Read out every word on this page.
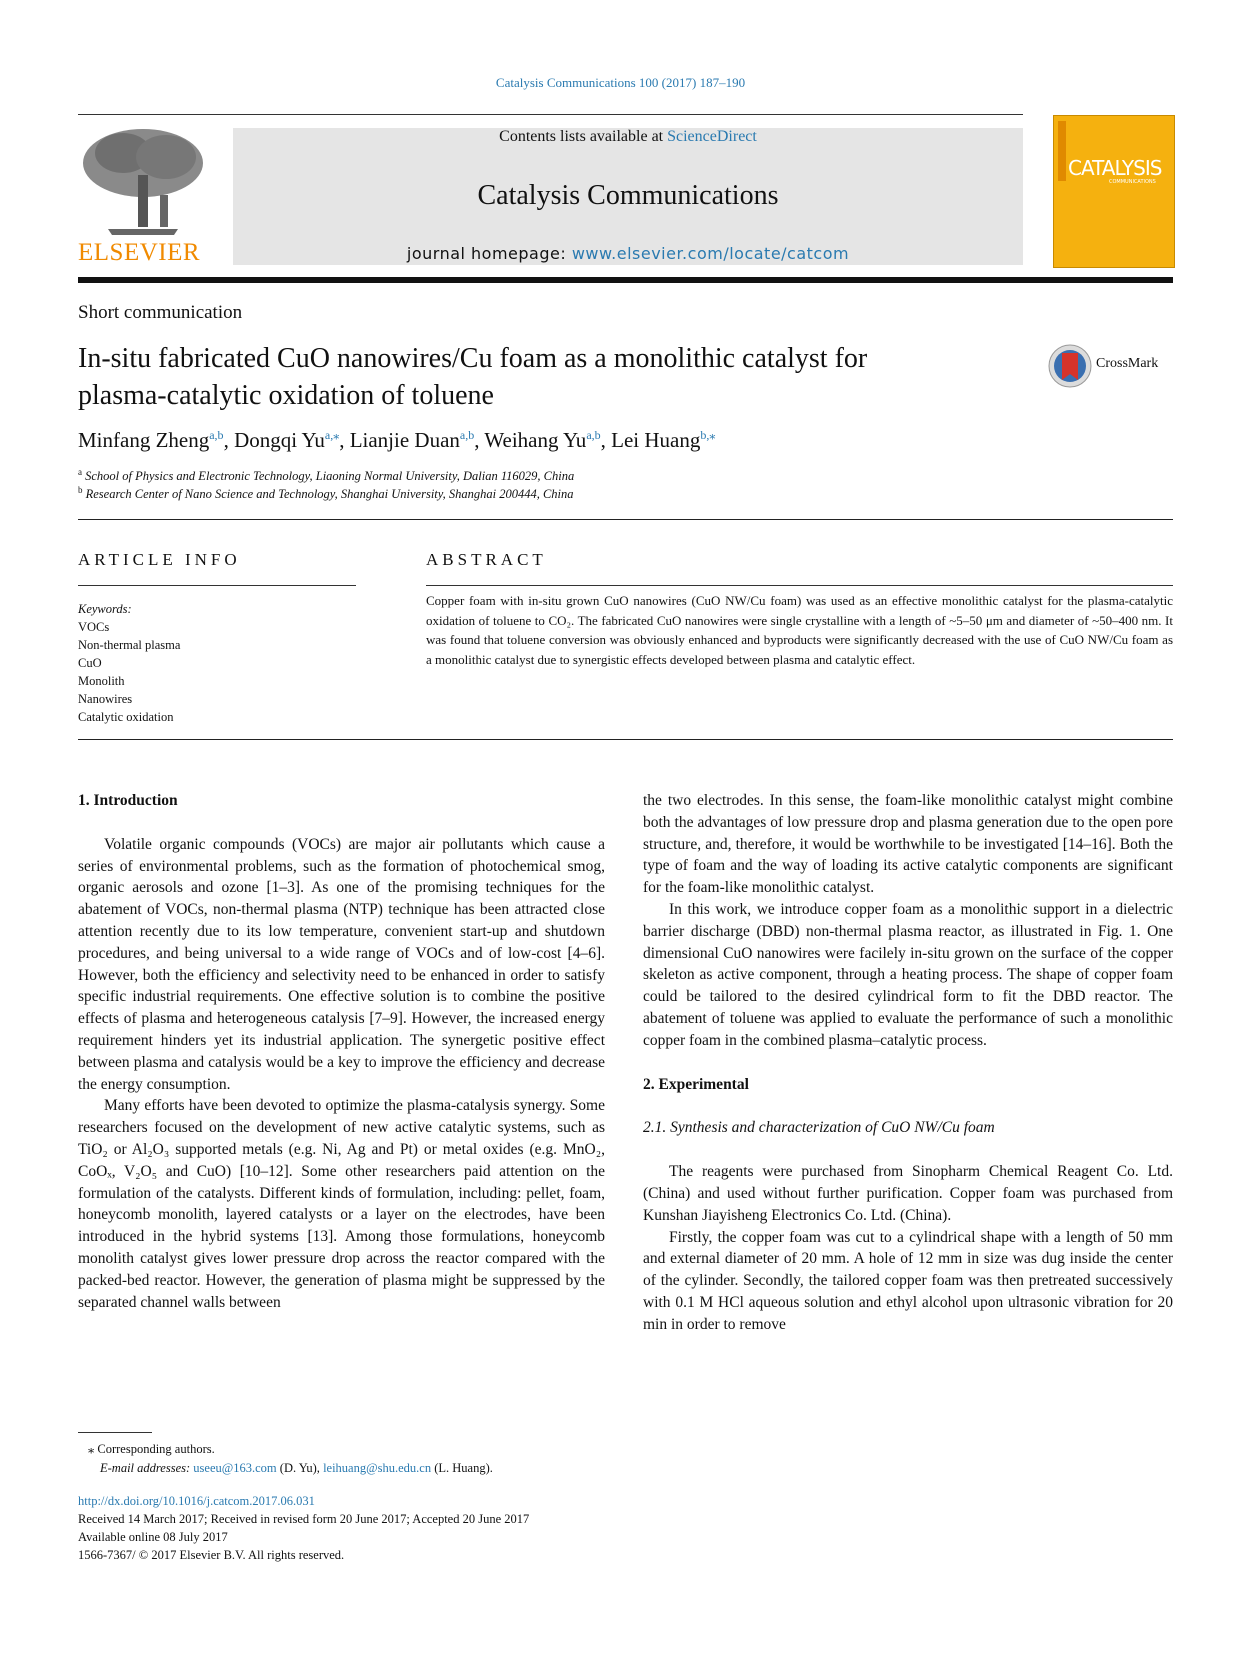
Catalysis Communications 100 (2017) 187–190
ELSEVIER
Contents lists available at ScienceDirect
Catalysis Communications
journal homepage: www.elsevier.com/locate/catcom
CATALYSIS
COMMUNICATIONS
Short communication
In-situ fabricated CuO nanowires/Cu foam as a monolithic catalyst for
plasma-catalytic oxidation of toluene
CrossMark
Minfang Zheng$^{a,b}$, Dongqi $Yu^{a,⁎}$, Lianjie Duan$^{a,b}$, Weihang Yu$^{a,b}$, Lei Huang$^{b,⁎}$
$^a$ School of Physics and Electronic Technology, Liaoning Normal University, Dalian 116029, China
$^b$ Research Center of Nano Science and Technology, Shanghai University, Shanghai 200444, China
ARTICLE INFO	ABSTRACT
Keywords:
VOCs
Non-thermal plasma
CuO
Monolith
Nanowires
Catalytic oxidation
Copper foam with in-situ grown CuO nanowires (CuO NW/Cu foam) was used as an effective monolithic catalyst for the plasma-catalytic oxidation of toluene to CO₂. The fabricated CuO nanowires were single crystalline with a length of ~5–50 μm and diameter of ~50–400 nm. It was found that toluene conversion was obviously enhanced and byproducts were significantly decreased with the use of CuO NW/Cu foam as a monolithic catalyst due to synergistic effects developed between plasma and catalytic effect.
1. Introduction

Volatile organic compounds (VOCs) are major air pollutants which cause a series of environmental problems, such as the formation of photochemical smog, organic aerosols and ozone [1–3]. As one of the promising techniques for the abatement of VOCs, non-thermal plasma (NTP) technique has been attracted close attention recently due to its low temperature, convenient start-up and shutdown procedures, and being universal to a wide range of VOCs and of low-cost [4–6]. However, both the efficiency and selectivity need to be enhanced in order to satisfy specific industrial requirements. One effective solution is to combine the positive effects of plasma and heterogeneous catalysis [7–9]. However, the increased energy requirement hinders yet its industrial application. The synergetic positive effect between plasma and catalysis would be a key to improve the efficiency and decrease the energy consumption.

Many efforts have been devoted to optimize the plasma-catalysis synergy. Some researchers focused on the development of new active catalytic systems, such as TiO₂ or Al₂O₃ supported metals (e.g. Ni, Ag and Pt) or metal oxides (e.g. MnO₂, CoOₓ, V₂O₅ and CuO) [10–12]. Some other researchers paid attention on the formulation of the catalysts. Different kinds of formulation, including: pellet, foam, honeycomb monolith, layered catalysts or a layer on the electrodes, have been introduced in the hybrid systems [13]. Among those formulations, honeycomb monolith catalyst gives lower pressure drop across the reactor compared with the packed-bed reactor. However, the generation of plasma might be suppressed by the separated channel walls between

the two electrodes. In this sense, the foam-like monolithic catalyst might combine both the advantages of low pressure drop and plasma generation due to the open pore structure, and, therefore, it would be worthwhile to be investigated [14–16]. Both the type of foam and the way of loading its active catalytic components are significant for the foam-like monolithic catalyst.

In this work, we introduce copper foam as a monolithic support in a dielectric barrier discharge (DBD) non-thermal plasma reactor, as illustrated in Fig. 1. One dimensional CuO nanowires were facilely in-situ grown on the surface of the copper skeleton as active component, through a heating process. The shape of copper foam could be tailored to the desired cylindrical form to fit the DBD reactor. The abatement of toluene was applied to evaluate the performance of such a monolithic copper foam in the combined plasma–catalytic process.

2. Experimental
2.1. Synthesis and characterization of CuO NW/Cu foam

The reagents were purchased from Sinopharm Chemical Reagent Co. Ltd. (China) and used without further purification. Copper foam was purchased from Kunshan Jiayisheng Electronics Co. Ltd. (China).

Firstly, the copper foam was cut to a cylindrical shape with a length of 50 mm and external diameter of 20 mm. A hole of 12 mm in size was dug inside the center of the cylinder. Secondly, the tailored copper foam was then pretreated successively with 0.1 M HCl aqueous solution and ethyl alcohol upon ultrasonic vibration for 20 min in order to remove

⁎ Corresponding authors.
E-mail addresses: useeu@163.com (D. Yu), leihuang@shu.edu.cn (L. Huang).
http://dx.doi.org/10.1016/j.catcom.2017.06.031
Received 14 March 2017; Received in revised form 20 June 2017; Accepted 20 June 2017
Available online 08 July 2017
1566-7367/ © 2017 Elsevier B.V. All rights reserved.
